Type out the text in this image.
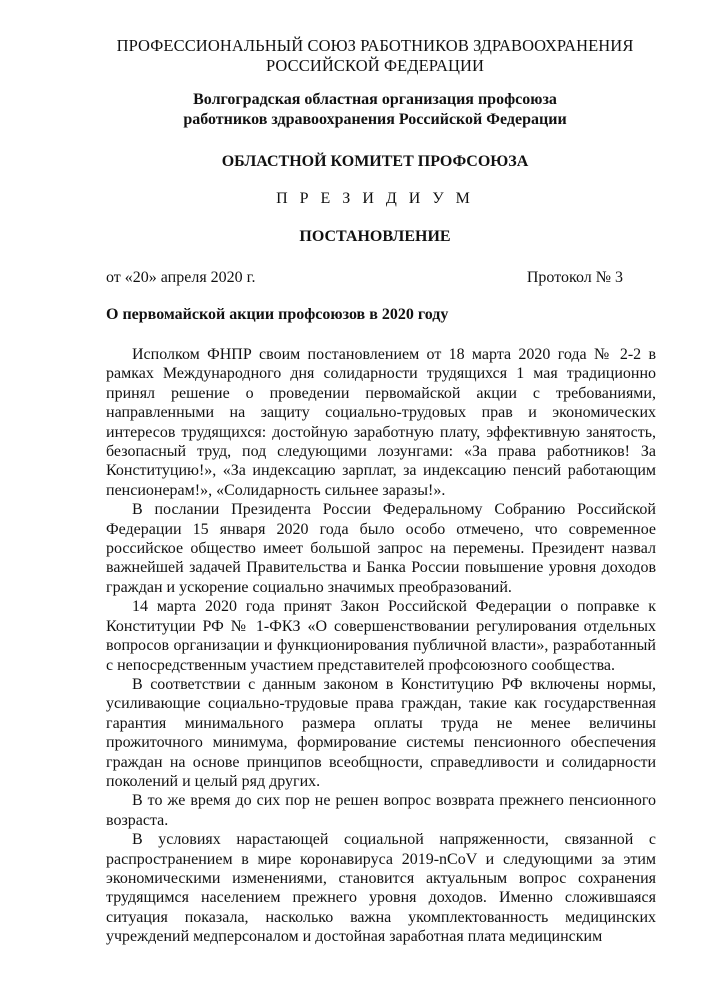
ПРОФЕССИОНАЛЬНЫЙ СОЮЗ РАБОТНИКОВ ЗДРАВООХРАНЕНИЯ
РОССИЙСКОЙ ФЕДЕРАЦИИ
Волгоградская областная организация профсоюза
работников здравоохранения Российской Федерации
ОБЛАСТНОЙ КОМИТЕТ ПРОФСОЮЗА
П Р Е З И Д И У М
ПОСТАНОВЛЕНИЕ
от «20» апреля 2020 г.	Протокол № 3
О первомайской акции профсоюзов в 2020 году

Исполком ФНПР своим постановлением от 18 марта 2020 года № 2-2 в рамках Международного дня солидарности трудящихся 1 мая традиционно принял решение о проведении первомайской акции с требованиями, направленными на защиту социально-трудовых прав и экономических интересов трудящихся: достойную заработную плату, эффективную занятость, безопасный труд, под следующими лозунгами: «За права работников! За Конституцию!», «За индексацию зарплат, за индексацию пенсий работающим пенсионерам!», «Солидарность сильнее заразы!».

В послании Президента России Федеральному Собранию Российской Федерации 15 января 2020 года было особо отмечено, что современное российское общество имеет большой запрос на перемены. Президент назвал важнейшей задачей Правительства и Банка России повышение уровня доходов граждан и ускорение социально значимых преобразований.

14 марта 2020 года принят Закон Российской Федерации о поправке к Конституции РФ № 1-ФКЗ «О совершенствовании регулирования отдельных вопросов организации и функционирования публичной власти», разработанный с непосредственным участием представителей профсоюзного сообщества.

В соответствии с данным законом в Конституцию РФ включены нормы, усиливающие социально-трудовые права граждан, такие как государственная гарантия минимального размера оплаты труда не менее величины прожиточного минимума, формирование системы пенсионного обеспечения граждан на основе принципов всеобщности, справедливости и солидарности поколений и целый ряд других.

В то же время до сих пор не решен вопрос возврата прежнего пенсионного возраста.

В условиях нарастающей социальной напряженности, связанной с распространением в мире коронавируса 2019-nCoV и следующими за этим экономическими изменениями, становится актуальным вопрос сохранения трудящимся населением прежнего уровня доходов. Именно сложившаяся ситуация показала, насколько важна укомплектованность медицинских учреждений медперсоналом и достойная заработная плата медицинским
